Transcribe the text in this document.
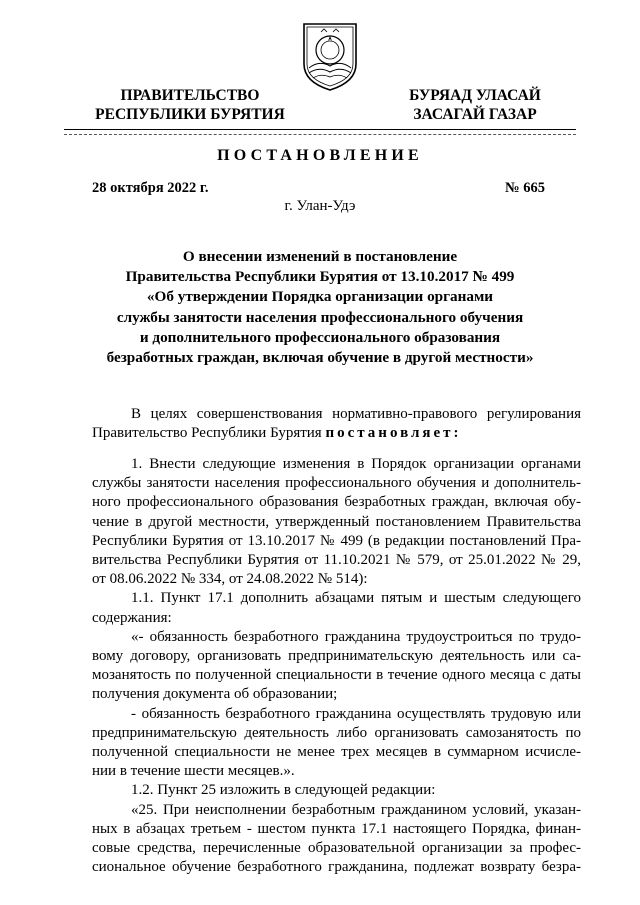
ПРАВИТЕЛЬСТВО
РЕСПУБЛИКИ БУРЯТИЯ
БУРЯАД УЛАСАЙ
ЗАСАГАЙ ГАЗАР
ПОСТАНОВЛЕНИЕ
28 октября 2022 г.	№ 665
г. Улан-Удэ
О внесении изменений в постановление
Правительства Республики Бурятия от 13.10.2017 № 499
«Об утверждении Порядка организации органами
службы занятости населения профессионального обучения
и дополнительного профессионального образования
безработных граждан, включая обучение в другой местности»
В целях совершенствования нормативно-правового регулирования
Правительство Республики Бурятия постановляет:
1. Внести следующие изменения в Порядок организации органами
службы занятости населения профессионального обучения и дополнитель-
ного профессионального образования безработных граждан, включая обу-
чение в другой местности, утвержденный постановлением Правительства
Республики Бурятия от 13.10.2017 № 499 (в редакции постановлений Пра-
вительства Республики Бурятия от 11.10.2021 № 579, от 25.01.2022 № 29,
от 08.06.2022 № 334, от 24.08.2022 № 514):
1.1. Пункт 17.1 дополнить абзацами пятым и шестым следующего
содержания:
«- обязанность безработного гражданина трудоустроиться по трудо-
вому договору, организовать предпринимательскую деятельность или са-
мозанятость по полученной специальности в течение одного месяца с даты
получения документа об образовании;
- обязанность безработного гражданина осуществлять трудовую или
предпринимательскую деятельность либо организовать самозанятость по
полученной специальности не менее трех месяцев в суммарном исчисле-
нии в течение шести месяцев.».
1.2. Пункт 25 изложить в следующей редакции:
«25. При неисполнении безработным гражданином условий, указан-
ных в абзацах третьем - шестом пункта 17.1 настоящего Порядка, финан-
совые средства, перечисленные образовательной организации за профес-
сиональное обучение безработного гражданина, подлежат возврату безра-
